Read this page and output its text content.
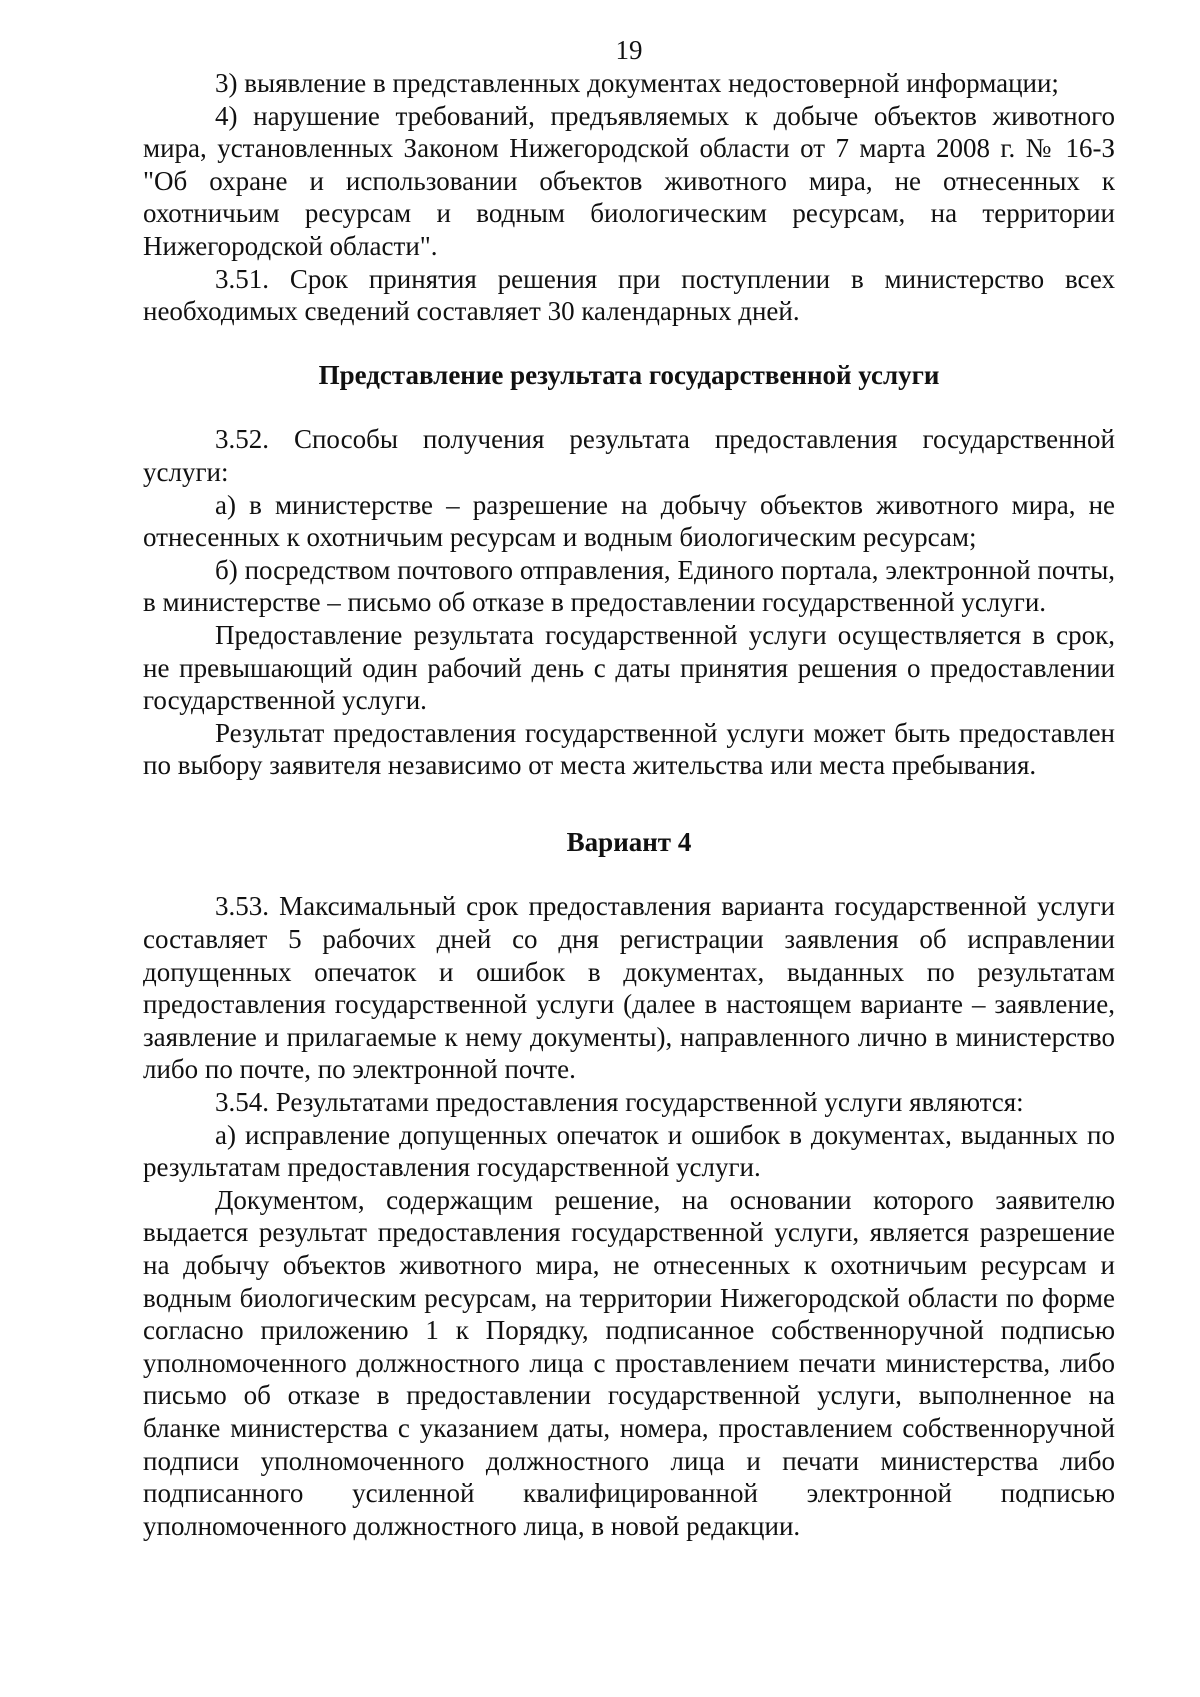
19

3) выявление в представленных документах недостоверной информации;

4) нарушение требований, предъявляемых к добыче объектов животного мира, установленных Законом Нижегородской области от 7 марта 2008 г. № 16-З "Об охране и использовании объектов животного мира, не отнесенных к охотничьим ресурсам и водным биологическим ресурсам, на территории Нижегородской области".

3.51. Срок принятия решения при поступлении в министерство всех необходимых сведений составляет 30 календарных дней.

Представление результата государственной услуги

3.52. Способы получения результата предоставления государственной услуги:

а) в министерстве – разрешение на добычу объектов животного мира, не отнесенных к охотничьим ресурсам и водным биологическим ресурсам;

б) посредством почтового отправления, Единого портала, электронной почты, в министерстве – письмо об отказе в предоставлении государственной услуги.

Предоставление результата государственной услуги осуществляется в срок, не превышающий один рабочий день с даты принятия решения о предоставлении государственной услуги.

Результат предоставления государственной услуги может быть предоставлен по выбору заявителя независимо от места жительства или места пребывания.

Вариант 4

3.53. Максимальный срок предоставления варианта государственной услуги составляет 5 рабочих дней со дня регистрации заявления об исправлении допущенных опечаток и ошибок в документах, выданных по результатам предоставления государственной услуги (далее в настоящем варианте – заявление, заявление и прилагаемые к нему документы), направленного лично в министерство либо по почте, по электронной почте.

3.54. Результатами предоставления государственной услуги являются:

а) исправление допущенных опечаток и ошибок в документах, выданных по результатам предоставления государственной услуги.

Документом, содержащим решение, на основании которого заявителю выдается результат предоставления государственной услуги, является разрешение на добычу объектов животного мира, не отнесенных к охотничьим ресурсам и водным биологическим ресурсам, на территории Нижегородской области по форме согласно приложению 1 к Порядку, подписанное собственноручной подписью уполномоченного должностного лица с проставлением печати министерства, либо письмо об отказе в предоставлении государственной услуги, выполненное на бланке министерства с указанием даты, номера, проставлением собственноручной подписи уполномоченного должностного лица и печати министерства либо подписанного усиленной квалифицированной электронной подписью уполномоченного должностного лица, в новой редакции.
